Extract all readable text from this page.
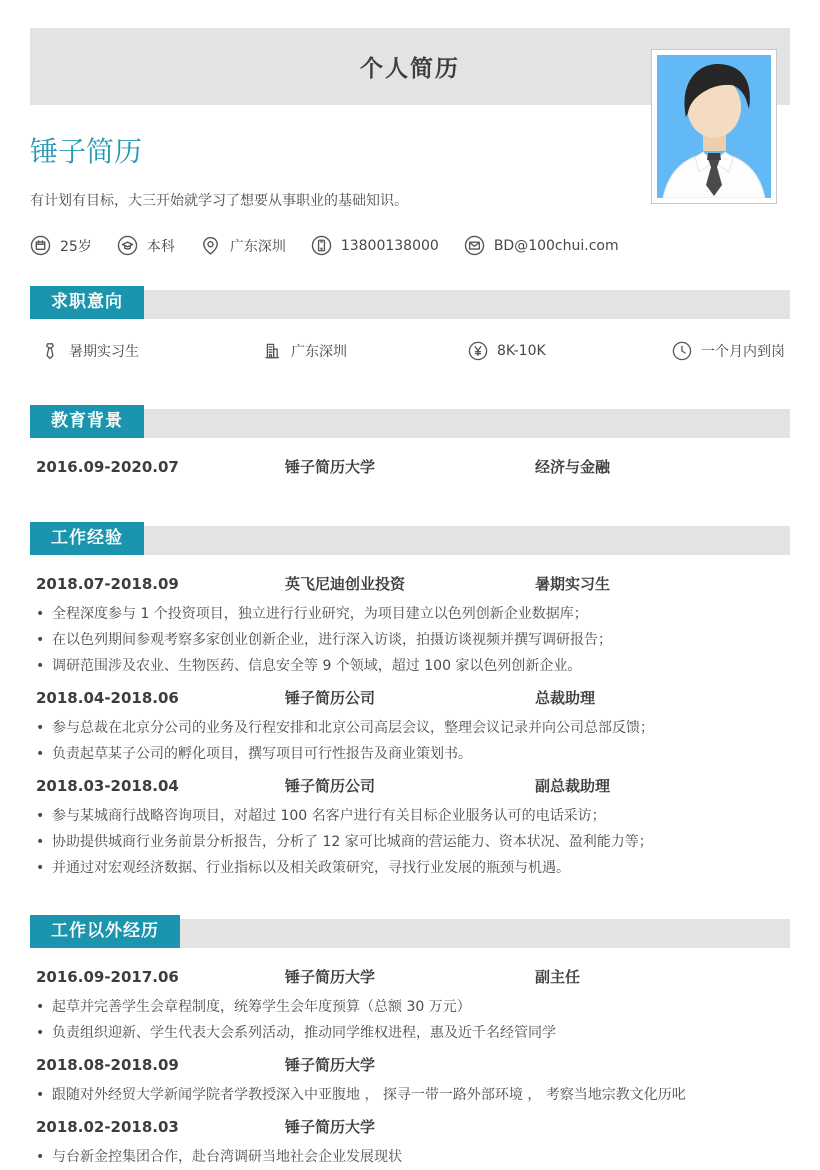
个人简历
锤子简历
有计划有目标，大三开始就学习了想要从事职业的基础知识。
25岁	本科	广东深圳	13800138000	BD@100chui.com
求职意向
暑期实习生	广东深圳	8K-10K	一个月内到岗
教育背景
2016.09-2020.07	锤子简历大学	经济与金融
工作经验
2018.07-2018.09	英飞尼迪创业投资	暑期实习生
• 全程深度参与 1 个投资项目，独立进行行业研究，为项目建立以色列创新企业数据库；
• 在以色列期间参观考察多家创业创新企业，进行深入访谈，拍摄访谈视频并撰写调研报告；
• 调研范围涉及农业、生物医药、信息安全等 9 个领域，超过 100 家以色列创新企业。
2018.04-2018.06	锤子简历公司	总裁助理
• 参与总裁在北京分公司的业务及行程安排和北京公司高层会议，整理会议记录并向公司总部反馈；
• 负责起草某子公司的孵化项目，撰写项目可行性报告及商业策划书。
2018.03-2018.04	锤子简历公司	副总裁助理
• 参与某城商行战略咨询项目，对超过 100 名客户进行有关目标企业服务认可的电话采访；
• 协助提供城商行业务前景分析报告，分析了 12 家可比城商的营运能力、资本状况、盈利能力等；
• 并通过对宏观经济数据、行业指标以及相关政策研究，寻找行业发展的瓶颈与机遇。
工作以外经历
2016.09-2017.06	锤子简历大学	副主任
• 起草并完善学生会章程制度，统筹学生会年度预算（总额 30 万元）
• 负责组织迎新、学生代表大会系列活动，推动同学维权进程，惠及近千名经管同学
2018.08-2018.09	锤子简历大学
• 跟随对外经贸大学新闻学院者学教授深入中亚腹地 ， 探寻一带一路外部环境 ， 考察当地宗教文化历叱
2018.02-2018.03	锤子简历大学
• 与台新金控集团合作，赴台湾调研当地社会企业发展现状
